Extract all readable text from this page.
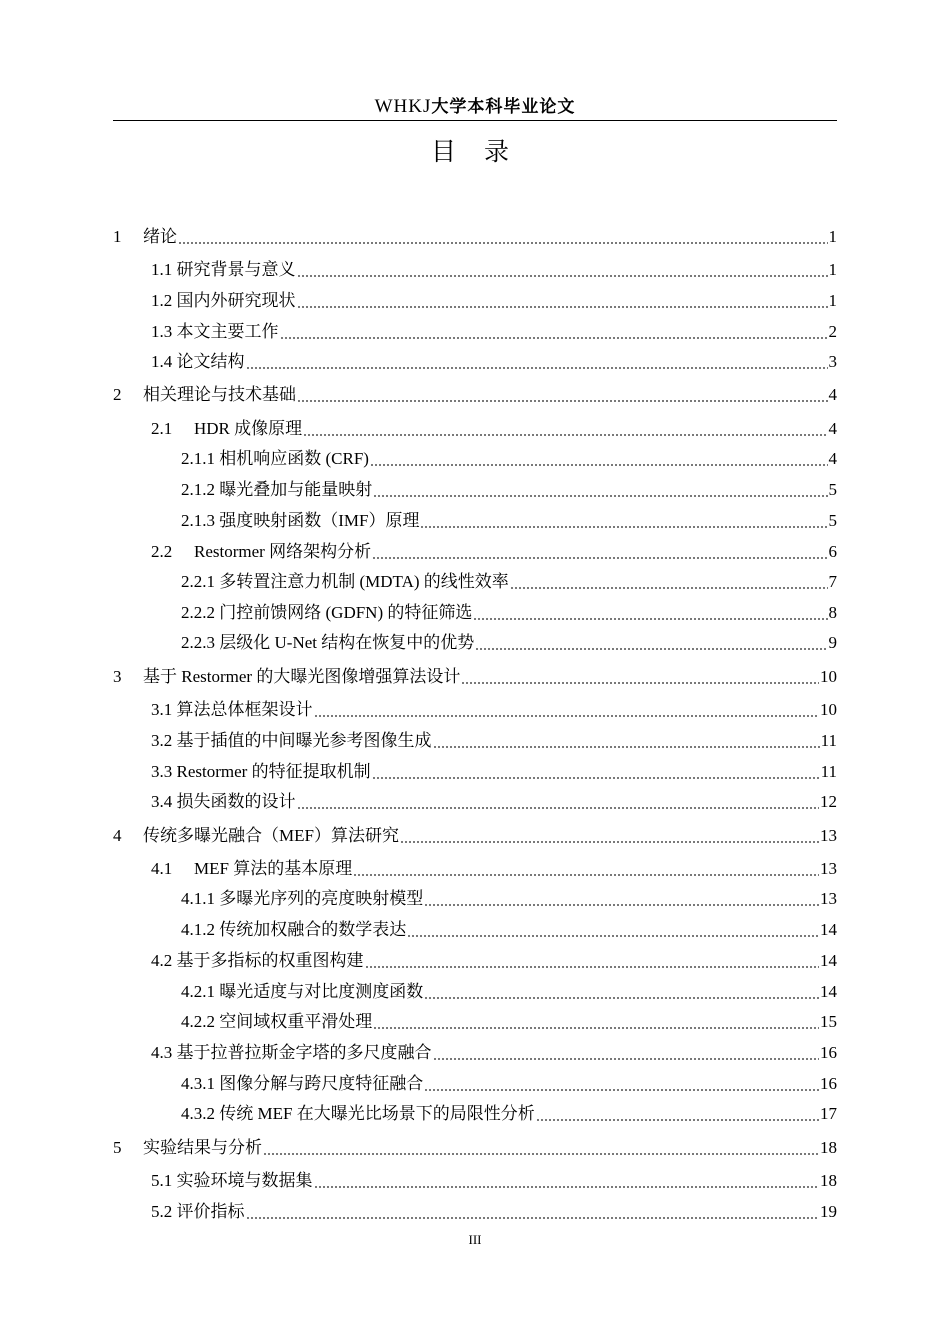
WHKJ大学本科毕业论文
目 录
1	绪论	1
1.1 研究背景与意义	1
1.2 国内外研究现状	1
1.3 本文主要工作	2
1.4 论文结构	3
2	相关理论与技术基础	4
2.1	HDR 成像原理	4
2.1.1 相机响应函数 (CRF)	4
2.1.2 曝光叠加与能量映射	5
2.1.3 强度映射函数（IMF）原理	5
2.2	Restormer 网络架构分析	6
2.2.1 多转置注意力机制 (MDTA) 的线性效率	7
2.2.2 门控前馈网络 (GDFN) 的特征筛选	8
2.2.3 层级化 U-Net 结构在恢复中的优势	9
3	基于 Restormer 的大曝光图像增强算法设计	10
3.1 算法总体框架设计	10
3.2 基于插值的中间曝光参考图像生成	11
3.3 Restormer 的特征提取机制	11
3.4 损失函数的设计	12
4	传统多曝光融合（MEF）算法研究	13
4.1	MEF 算法的基本原理	13
4.1.1 多曝光序列的亮度映射模型	13
4.1.2 传统加权融合的数学表达	14
4.2 基于多指标的权重图构建	14
4.2.1 曝光适度与对比度测度函数	14
4.2.2 空间域权重平滑处理	15
4.3 基于拉普拉斯金字塔的多尺度融合	16
4.3.1 图像分解与跨尺度特征融合	16
4.3.2 传统 MEF 在大曝光比场景下的局限性分析	17
5	实验结果与分析	18
5.1 实验环境与数据集	18
5.2 评价指标	19
III
